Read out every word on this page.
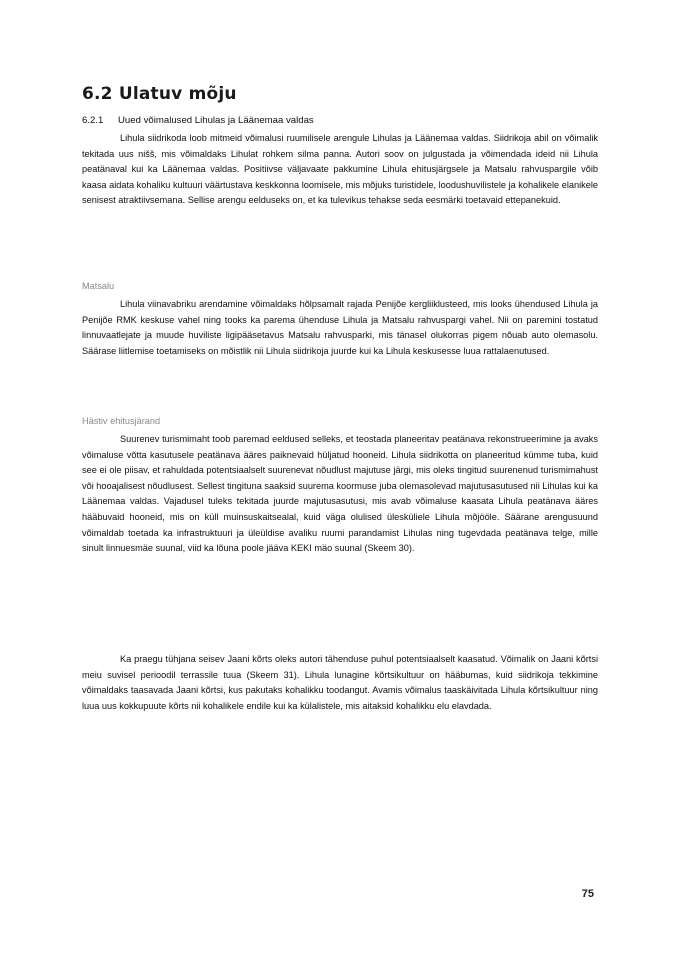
6.2 Ulatuv mõju
6.2.1 Uued võimalused Lihulas ja Läänemaa valdas

Lihula siidrikoda loob mitmeid võimalusi ruumilisele arengule Lihulas ja Läänemaa valdas. Siidrikoja abil on võimalik tekitada uus nišš, mis võimaldaks Lihulat rohkem silma panna. Autori soov on julgustada ja võimendada ideid nii Lihula peatänaval kui ka Läänemaa valdas. Positiivse väljavaate pakkumine Lihula ehitusjärgsele ja Matsalu rahvuspargile võib kaasa aidata kohaliku kultuuri väärtustava keskkonna loomisele, mis mõjuks turistidele, loodushuvilistele ja kohalikele elanikele senisest atraktiivsemana. Sellise arengu eelduseks on, et ka tulevikus tehakse seda eesmärki toetavaid ettepanekuid.

Matsalu

Lihula viinavabriku arendamine võimaldaks hõlpsamalt rajada Penijõe kergliiklusteed, mis looks ühendused Lihula ja Penijõe RMK keskuse vahel ning tooks ka parema ühenduse Lihula ja Matsalu rahvuspargi vahel. Nii on paremini tostatud linnuvaatlejate ja muude huviliste ligipääsetavus Matsalu rahvusparki, mis tänasel olukorras pigem nõuab auto olemasolu. Säärase liitlemise toetamiseks on mõistlik nii Lihula siidrikoja juurde kui ka Lihula keskusesse luua rattalaenutused.

Hästiv ehitusjärand

Suurenev turismimaht toob paremad eeldused selleks, et teostada planeeritav peatänava rekonstrueerimine ja avaks võimaluse võtta kasutusele peatänava ääres paiknevaid hüljatud hooneid. Lihula siidrikotta on planeeritud kümme tuba, kuid see ei ole piisav, et rahuldada potentsiaalselt suurenevat nõudlust majutuse järgi, mis oleks tingitud suurenenud turismimahust või hooajalisest nõudlusest. Sellest tingituna saaksid suurema koormuse juba olemasolevad majutusasutused nii Lihulas kui ka Läänemaa valdas. Vajadusel tuleks tekitada juurde majutusasutusi, mis avab võimaluse kaasata Lihula peatänava ääres hääbuvaid hooneid, mis on küll muinsuskaitsealal, kuid väga olulised ülesküliele Lihula mõjööle. Säärane arengusuund võimaldab toetada ka infrastruktuuri ja üleüldise avaliku ruumi parandamist Lihulas ning tugevdada peatänava telge, mille sinult linnuesmäe suunal, viid ka lõuna poole jääva KEKI mäo suunal (Skeem 30).

Ka praegu tühjana seisev Jaani kõrts oleks autori tähenduse puhul potentsiaalselt kaasatud. Võimalik on Jaani kõrtsi meiu suvisel perioodil terrassile tuua (Skeem 31). Lihula lunagine kõrtsikultuur on hääbumas, kuid siidrikoja tekkimine võimaldaks taasavada Jaani kõrtsi, kus pakutaks kohalikku toodangut. Avamis võimalus taaskäivitada Lihula kõrtsikultuur ning luua uus kokkupuute kõrts nii kohalikele endile kui ka külalistele, mis aitaksid kohalikku elu elavdada.

75
